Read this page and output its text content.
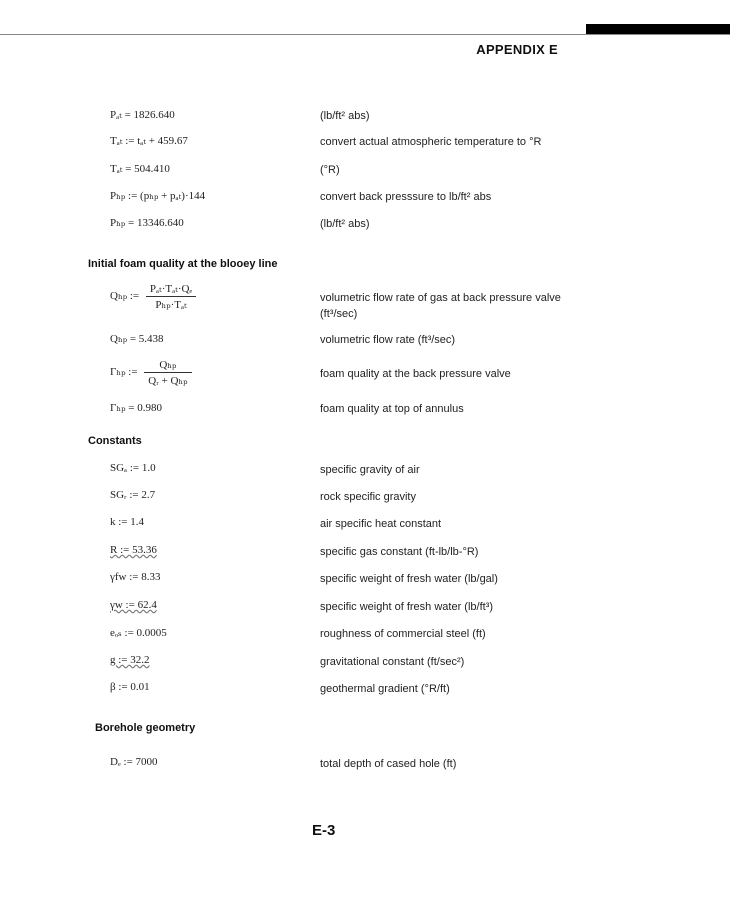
APPENDIX E
Pₐₜ = 1826.640	(lb/ft² abs)
Tₐₜ := tₐₜ + 459.67	convert actual atmospheric temperature to °R
Tₐₜ = 504.410	(°R)
Pₕₚ := (pₕₚ + pₐₜ)·144	convert back presssure to lb/ft² abs
Pₕₚ = 13346.640	(lb/ft² abs)
Initial foam quality at the blooey line
Qₕₚ := $\frac{\text{Pₐₜ·Tₐₜ·Qₑ}}{\text{Pₕₚ·Tₐₜ}}$	volumetric flow rate of gas at back pressure valve
(ft³/sec)
Qₕₚ = 5.438	volumetric flow rate (ft³/sec)
Γₕₚ := $\frac{\text{Qₕₚ}}{\text{Qᵣ + Qₕₚ}}$	foam quality at the back pressure valve
Γₕₚ = 0.980	foam quality at top of annulus
Constants
SGₐ := 1.0	specific gravity of air
SGᵣ := 2.7	rock specific gravity
k := 1.4	air specific heat constant
R := 53.36	specific gas constant (ft-lb/lb-°R)
γfw := 8.33	specific weight of fresh water (lb/gal)
γw := 62.4	specific weight of fresh water (lb/ft³)
eₒₛ := 0.0005	roughness of commercial steel (ft)
g := 32.2	gravitational constant (ft/sec²)
β := 0.01	geothermal gradient (°R/ft)
Borehole geometry
Dₑ := 7000	total depth of cased hole (ft)
E-3
